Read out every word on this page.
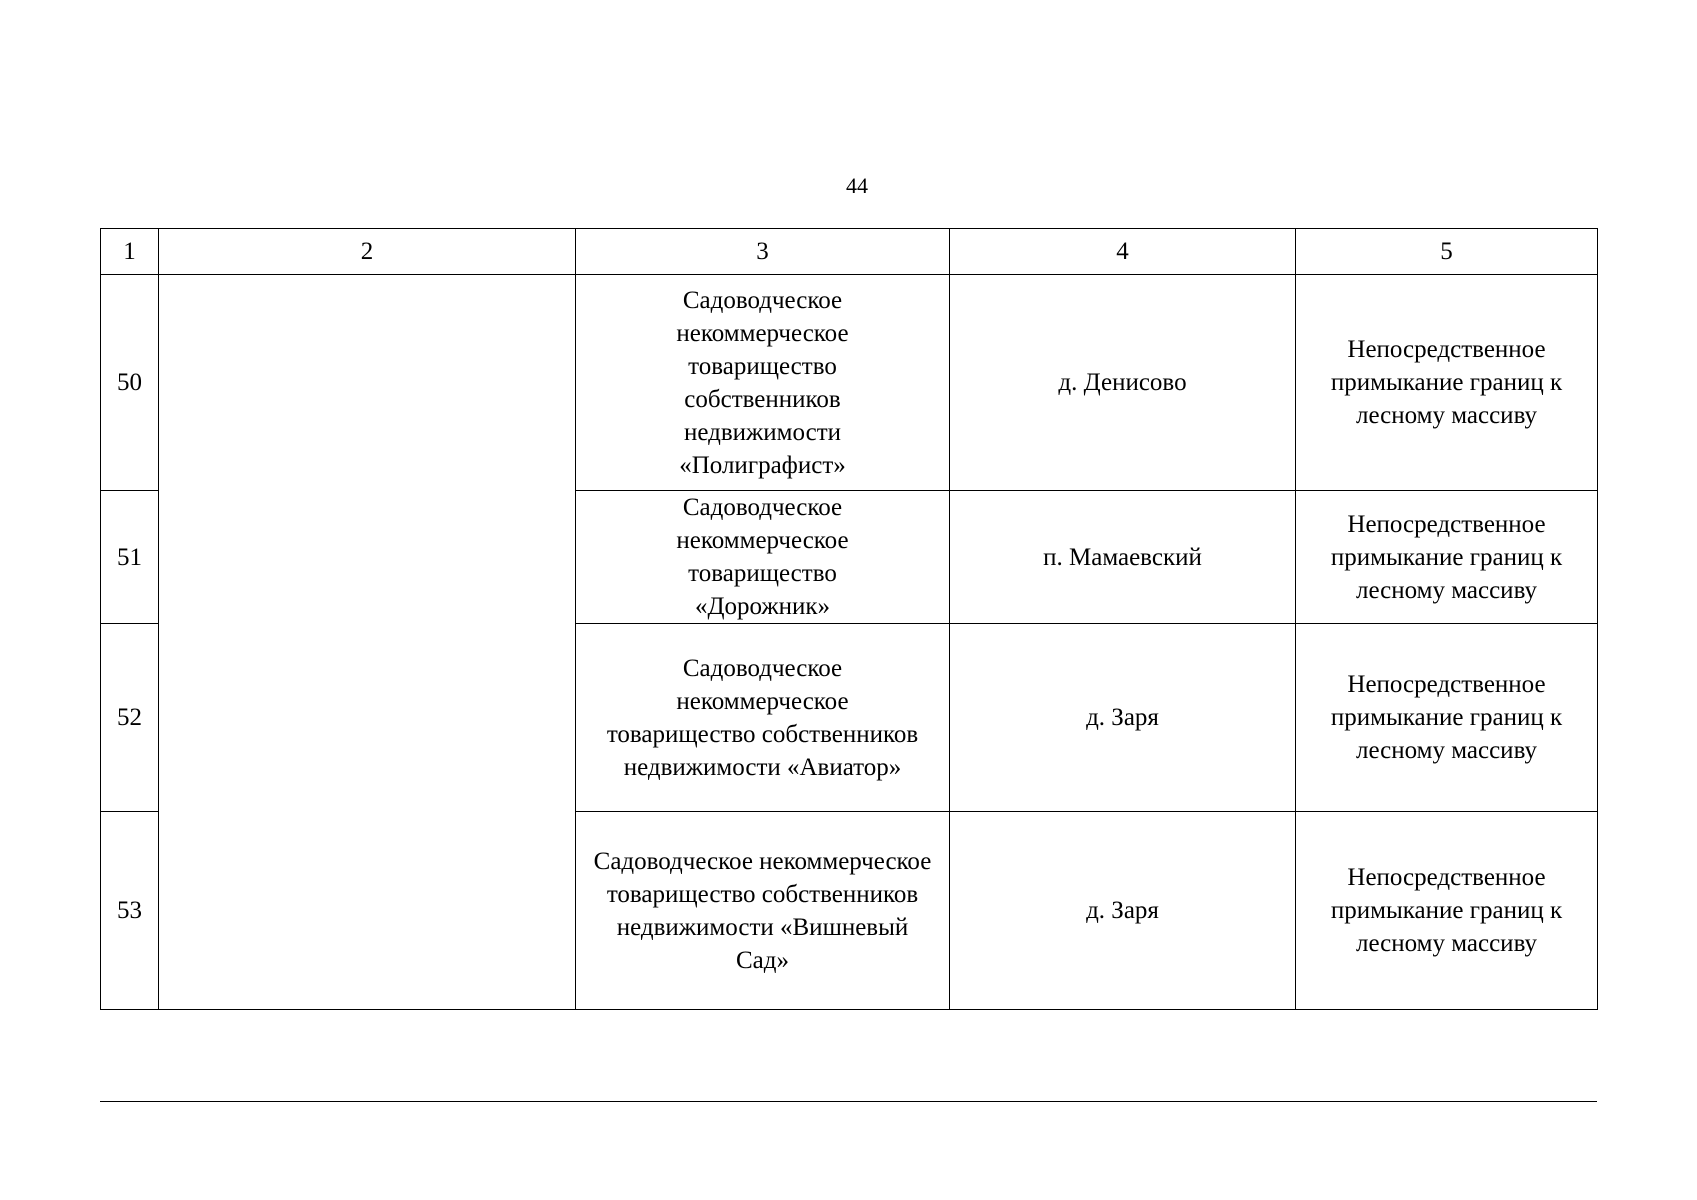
44
1	2	3	4	5
50		Садоводческое некоммерческое товарищество собственников недвижимости «Полиграфист»	д. Денисово	Непосредственное примыкание границ к лесному массиву
51		Садоводческое некоммерческое товарищество «Дорожник»	п. Мамаевский	Непосредственное примыкание границ к лесному массиву
52		Садоводческое некоммерческое товарищество собственников недвижимости «Авиатор»	д. Заря	Непосредственное примыкание границ к лесному массиву
53		Садоводческое некоммерческое товарищество собственников недвижимости «Вишневый Сад»	д. Заря	Непосредственное примыкание границ к лесному массиву
